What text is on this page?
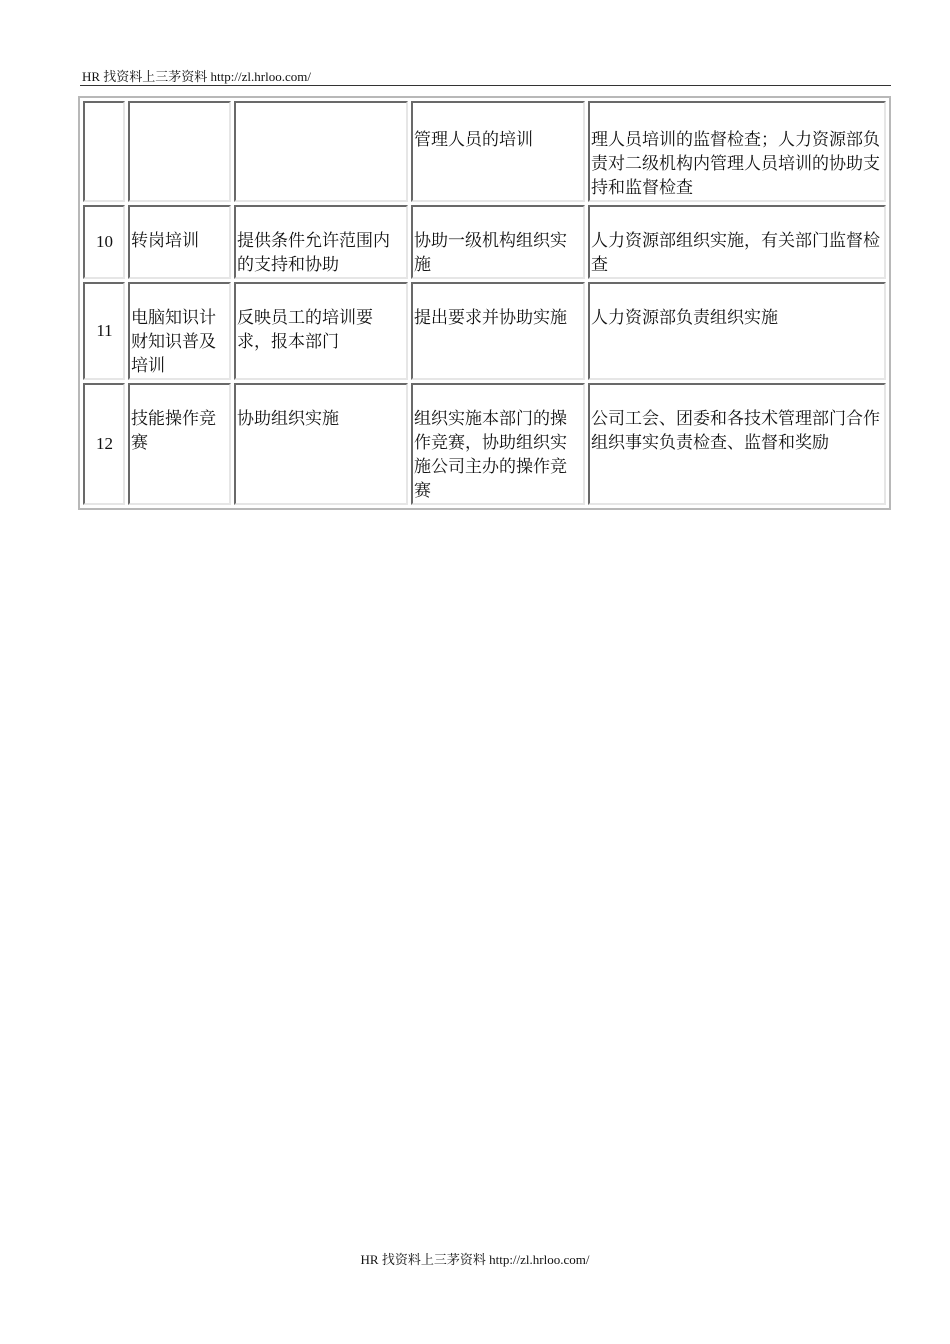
HR 找资料上三茅资料 http://zl.hrloo.com/
			管理人员的培训	理人员培训的监督检查；人力资源部负责对二级机构内管理人员培训的协助支持和监督检查
10	转岗培训	提供条件允许范围内的支持和协助	协助一级机构组织实施	人力资源部组织实施，有关部门监督检查
11	电脑知识计财知识普及培训	反映员工的培训要求，报本部门	提出要求并协助实施	人力资源部负责组织实施
12	技能操作竞赛	协助组织实施	组织实施本部门的操作竞赛，协助组织实施公司主办的操作竞赛	公司工会、团委和各技术管理部门合作组织事实负责检查、监督和奖励
HR 找资料上三茅资料 http://zl.hrloo.com/
